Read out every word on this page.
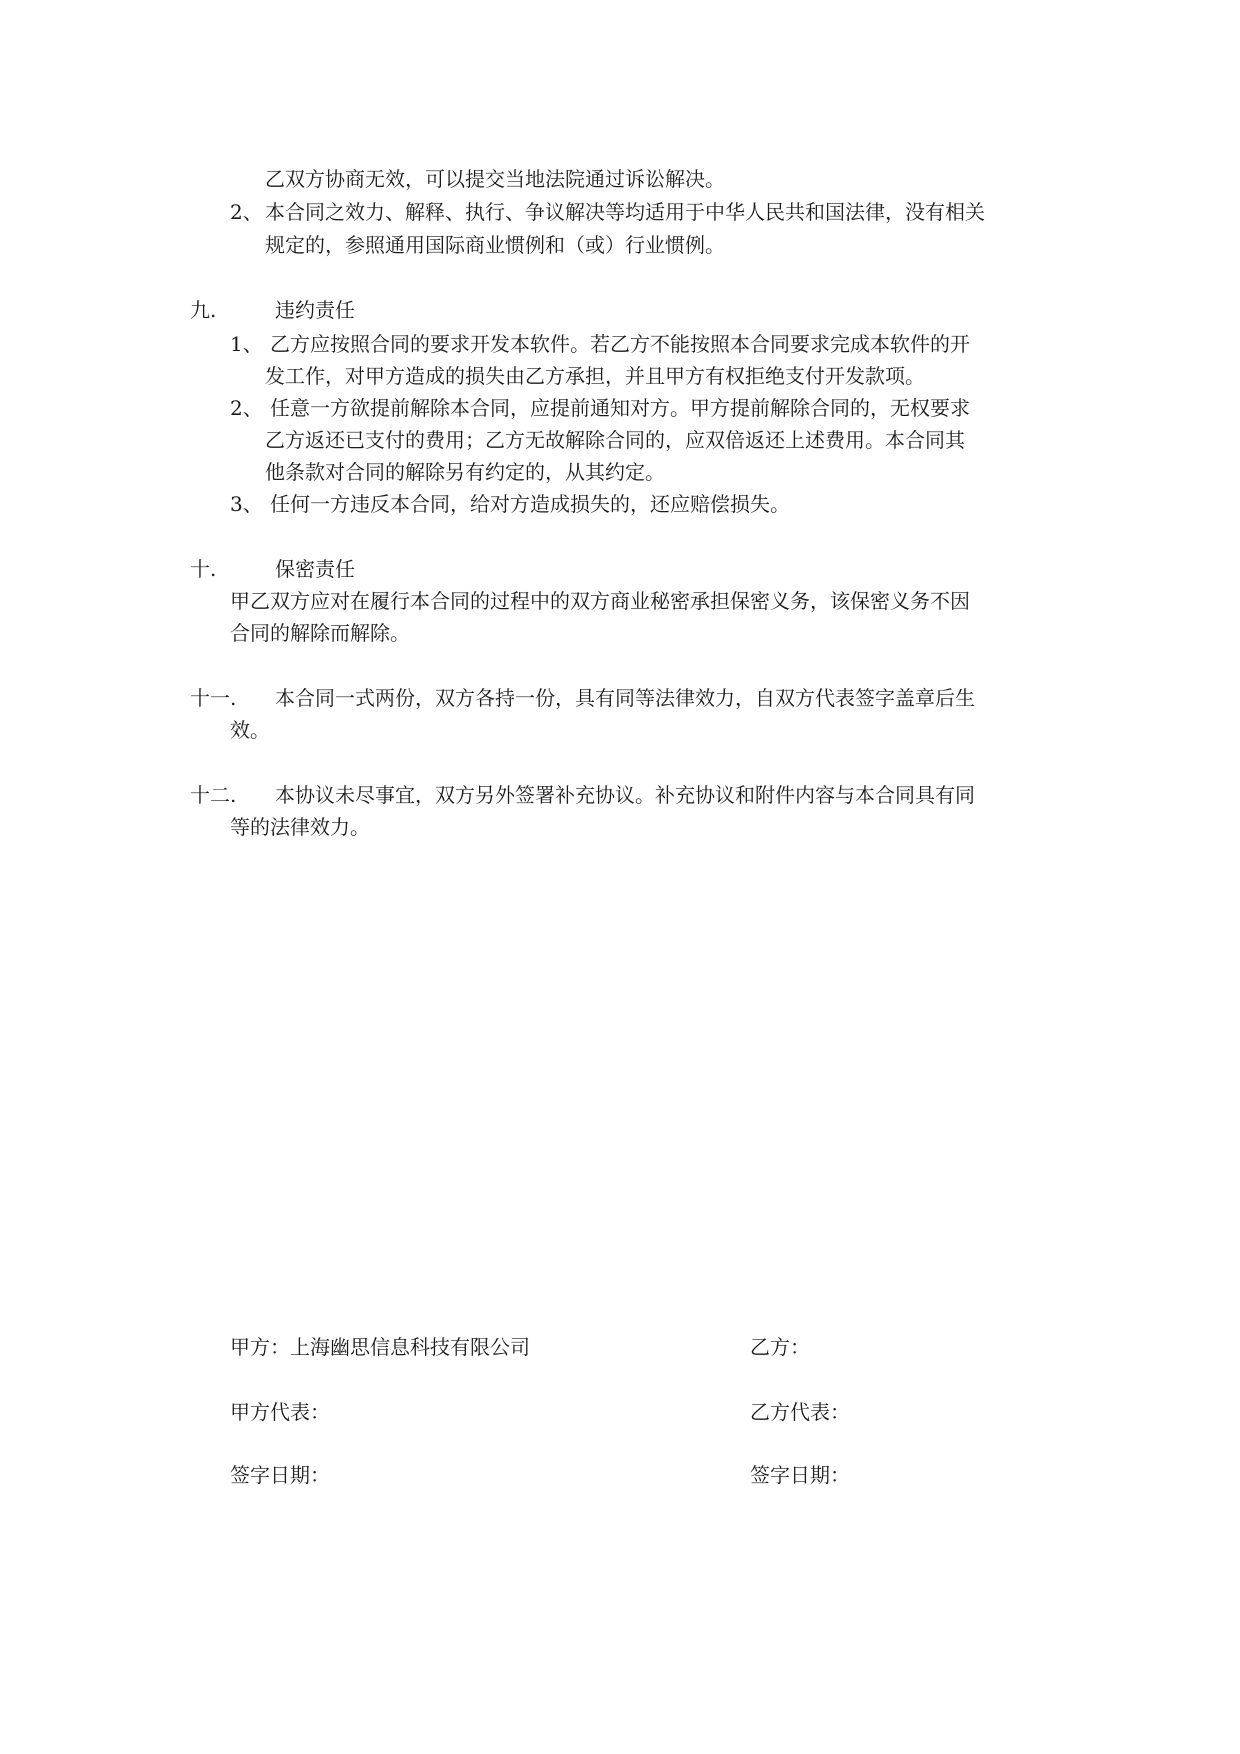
乙双方协商无效，可以提交当地法院通过诉讼解决。

2、 本合同之效力、解释、执行、争议解决等均适用于中华人民共和国法律，没有相关

规定的，参照通用国际商业惯例和（或）行业惯例。

九.	违约责任

1、 乙方应按照合同的要求开发本软件。若乙方不能按照本合同要求完成本软件的开

发工作，对甲方造成的损失由乙方承担，并且甲方有权拒绝支付开发款项。

2、 任意一方欲提前解除本合同，应提前通知对方。甲方提前解除合同的，无权要求

乙方返还已支付的费用；乙方无故解除合同的，应双倍返还上述费用。本合同其

他条款对合同的解除另有约定的，从其约定。

3、 任何一方违反本合同，给对方造成损失的，还应赔偿损失。

十.	保密责任

甲乙双方应对在履行本合同的过程中的双方商业秘密承担保密义务，该保密义务不因

合同的解除而解除。

十一. 本合同一式两份，双方各持一份，具有同等法律效力，自双方代表签字盖章后生

效。

十二. 本协议未尽事宜，双方另外签署补充协议。补充协议和附件内容与本合同具有同

等的法律效力。

甲方：上海幽思信息科技有限公司	乙方：
甲方代表：	乙方代表：
签字日期：	签字日期：
